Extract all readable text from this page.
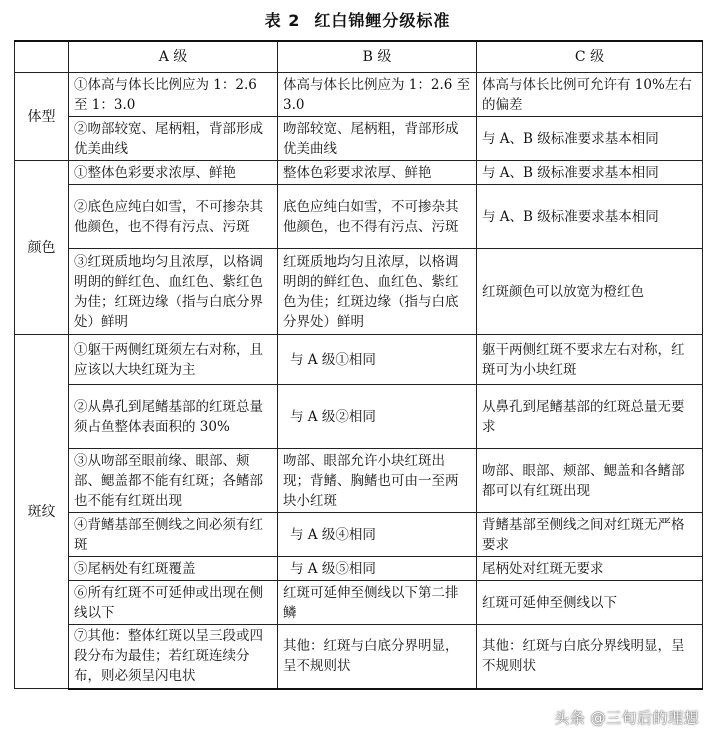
表 2 红白锦鲤分级标准
	A 级	B 级	C 级
体型	①体高与体长比例应为 1：2.6 至 1：3.0	体高与体长比例应为 1：2.6 至 3.0	体高与体长比例可允许有 10%左右的偏差
	②吻部较宽、尾柄粗，背部形成优美曲线	吻部较宽、尾柄粗，背部形成优美曲线	与 A、B 级标准要求基本相同
颜色	①整体色彩要求浓厚、鲜艳	整体色彩要求浓厚、鲜艳	与 A、B 级标准要求基本相同
	②底色应纯白如雪，不可掺杂其他颜色，也不得有污点、污斑	底色应纯白如雪，不可掺杂其他颜色，也不得有污点、污斑	与 A、B 级标准要求基本相同
	③红斑质地均匀且浓厚，以格调明朗的鲜红色、血红色、紫红色为佳；红斑边缘（指与白底分界处）鲜明	红斑质地均匀且浓厚，以格调明朗的鲜红色、血红色、紫红色为佳；红斑边缘（指与白底分界处）鲜明	红斑颜色可以放宽为橙红色
斑纹	①躯干两侧红斑须左右对称，且应该以大块红斑为主	与 A 级①相同	躯干两侧红斑不要求左右对称，红斑可为小块红斑
	②从鼻孔到尾鳍基部的红斑总量须占鱼整体表面积的 30%	与 A 级②相同	从鼻孔到尾鳍基部的红斑总量无要求
	③从吻部至眼前缘、眼部、颊部、鳃盖都不能有红斑；各鳍部也不能有红斑出现	吻部、眼部允许小块红斑出现；背鳍、胸鳍也可由一至两块小红斑	吻部、眼部、颊部、鳃盖和各鳍部都可以有红斑出现
	④背鳍基部至侧线之间必须有红斑	与 A 级④相同	背鳍基部至侧线之间对红斑无严格要求
	⑤尾柄处有红斑覆盖	与 A 级⑤相同	尾柄处对红斑无要求
	⑥所有红斑不可延伸或出现在侧线以下	红斑可延伸至侧线以下第二排鳞	红斑可延伸至侧线以下
	⑦其他：整体红斑以呈三段或四段分布为最佳；若红斑连续分布，则必须呈闪电状	其他：红斑与白底分界明显，呈不规则状	其他：红斑与白底分界线明显，呈不规则状
头条 @三旬后的理想
